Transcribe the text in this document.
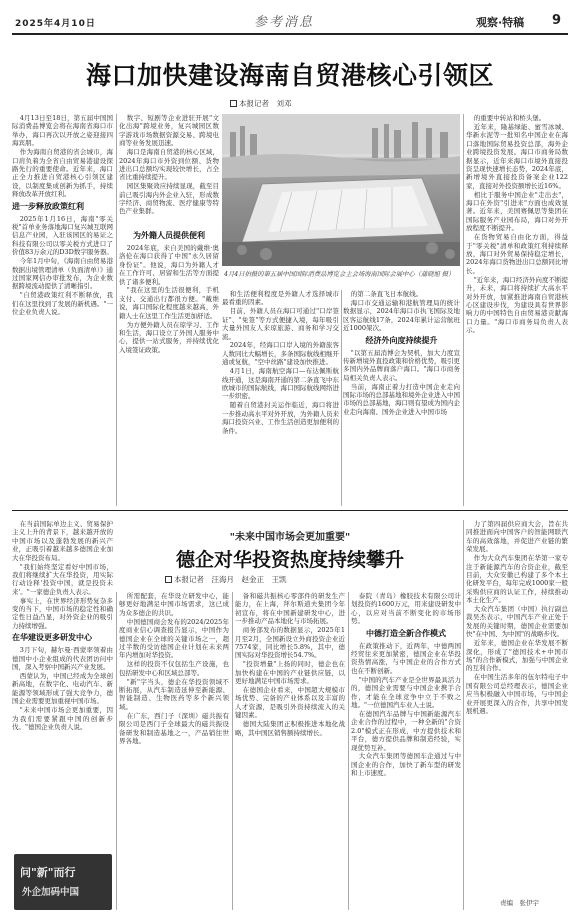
2025年4月10日	参考消息	观察·特稿 9
海口加快建设海南自贸港核心引领区
本报记者　刘邓

4月13日至18日，第五届中国国际消费品博览会将在海南省海口市举办，海口再次以开放之姿迎接四海宾朋。

作为海南自贸港的省会城市，海口肩负着为全省自由贸易港建设探路先行的重要使命。近年来，海口正全力推进自贸港核心引领区建设，以制度集成创新为抓手，持续释放改革开放红利。

进一步释放政策红利

2025年1月16日，海南"零关税"首单业务落地海口复兴城互联网信息产业园，入驻该园区的易证之科技有限公司以零关税方式进口了价值83万余元的D3D数字服务器。

今年1月中旬，《海南自由贸易港数据出境管理清单（负面清单）》通过国家网信办审批发布，为企业数据跨境流动提供了清晰指引。

"自贸港政策红利不断释放，我们在这里找到了发展的新机遇。"一位企业负责人说。

数字、短剧等企业进驻开展"文化出海"跨境业务，复兴城园区数字游戏市场数据资源交易、跨境电商等业务发展迅速。

海口是海南自贸港的核心区域，2024年海口市外资到位额、货物进出口总额均实现较快增长，占全省比重持续提升。

园区集聚效应持续显现，截至目前已吸引海内外企业入驻，形成数字经济、商贸物流、医疗健康等特色产业集群。

为外籍人员提供便利

2024年底，来自美国的戴维·奥洛伦在海口获得了中国"永久居留身份证"。他说，海口为外籍人才在工作许可、居留和生活等方面提供了诸多便利。

"我在这里的生活很便利，手机支付、交通出行都很方便。"戴维说，海口国际化程度越来越高，外籍人士在这里工作生活更加舒适。

为方便外籍人员在琼学习、工作和生活，海口设立了外国人服务中心，提供一站式服务，并持续优化入境签证政策。

4月4日拍摄的第五届中国国际消费品博览会主会场海南国际会展中心（蒲晓旭 摄）

和生活便利程度是外籍人才选择城市最看重的因素。

目前，外籍人员在海口可通过"口岸签证"、"免签"等方式便捷入境，每年吸引大量外国友人来琼旅游、商务和学习交流。

2024年，经海口口岸入境的外籍旅客人数同比大幅增长，多条国际航线相继开通或复航，"空中丝路"建设加快推进。

4月1日，海南航空海口—布达佩斯航线开通，这是海南开通的第二条直飞中东欧城市的国际航线，海口国际航线网络进一步织密。

随着自贸港封关运作临近，海口将进一步推动高水平对外开放，为外籍人员来海口投资兴业、工作生活创造更加便利的条件。

的第二条直飞日本航线。

海口市交通运输和港航管理局的统计数据显示，2024年海口市执飞国际及地区客运航线17条，2024年累计运营航班近1000架次。

经济外向度持续提升

"以第五届消博会为契机，加大力度宣传新增境外直投政策和价格优势，吸引更多国内外品牌商落户海口。"海口市商务局相关负责人表示。

当前，海南正着力打造中国企业走向国际市场的总部基地和境外企业进入中国市场的总部基地，海口则有望成为国内企业走向海南、国外企业进入中国市场

的重要中转站和桥头堡。

近年来，隆基绿能、蜜雪冰城、华新水泥等一批知名中国企业在海口落地国际贸易投资总部，海外企业跨境投资发展。海口市商务局数据显示，近年来海口市境外直接投资呈现快速增长态势，2024年底，新增境外直接投资备案企业122家，直接对外投资额增长近16%。

相比于服务中国企业"走出去"，海口在外资"引进来"方面也成效显著。近年来，美国赛佩思等集团在国际服务产业园布局，海口对外开放程度不断提升。

在货物贸易自由化方面，得益于"零关税"清单和政策红利持续释放，海口对外贸易保持稳定增长，2024年海口货物进出口总额同比增长。

"近年来，海口经济外向度不断提升，未来，海口将持续扩大高水平对外开放，加紧推进海南自贸港核心区建设步伐，为建设具有世界影响力的中国特色自由贸易港贡献海口力量。"海口市商务局负责人表示。

"未来中国市场会更加重要"
德企对华投资热度持续攀升
本报记者　汪海月　赵金正　王凯

在当前国际单边主义、贸易保护主义上升的背景下，越来越开放的中国市场以及蓬勃发展的新兴产业，正吸引着越来越多德国企业加大在华投资布局。

"我们始终坚定看好中国市场，我们将继续扩大在华投资，用实际行动诠释'投资中国，就是投资未来'。"一家德企负责人表示。

事实上，在世界经济形势复杂多变的当下，中国市场的稳定性和确定性日益凸显，对外资企业的吸引力持续增强。

在华建设更多研发中心

3月下旬，赫尔曼·西蒙率领着由德国中小企业组成的代表团访问中国，深入考察中国新兴产业发展。

西蒙认为，中国已经成为全球创新高地，在数字化、电动汽车、新能源等领域形成了强大竞争力，德国企业需要更加重视中国市场。

"未来中国市场会更加重要，因为我们需要紧跟中国的创新步伐。"德国企业负责人说。

所需配套，在华设立研发中心，能够更好地满足中国市场需求，这已成为众多德企的共识。

中国德国商会发布的2024/2025年度商业信心调查报告显示，中国作为德国企业在全球的关键市场之一，超过半数的受访德国企业计划在未来两年内增加对华投资。

这样的投资不仅包括生产设施，也包括研发中心和区域总部等。

"新"字当头，德企在华投资领域不断拓展，从汽车制造延伸至新能源、智能制造、生物医药等多个新兴领域。

在广东，西门子（深圳）磁共振有限公司是西门子全球最大的磁共振设备研发和制造基地之一，产品销往世界各地。

备和磁共振核心零部件的研发生产能力，在上海，拜尔斯道夫集团今年初宣布，将在中国新建研发中心，进一步推动产品本地化与市场拓展。

商务部发布的数据显示，2025年1月至2月，全国新设立外商投资企业近7574家，同比增长5.8%，其中，德国实际对华投资增长54.7%。

"投资增量"上扬的同时，德企也在加快构建在中国的产业链供应链，以更好地满足中国市场需求。

在德国企业看来，中国超大规模市场优势、完备的产业体系以及丰富的人才资源，是吸引外资持续流入的关键因素。

德国大陆集团正积极推进本地化战略，其中国区销售额持续增长。

泰院（青岛）橡胶技术有限公司计划投资约1600万元，用来建设研发中心，以应对当前不断变化的市场形势。

中德打造全新合作模式

在政策推动下，近两年，中德两国经贸往来更加紧密，德国企业在华投资热情高涨，与中国企业的合作方式也在不断创新。

"中国的汽车产业是全世界最具活力的，德国企业需要与中国企业携手合作，才能在全球竞争中立于不败之地。"一位德国汽车业人士说。

在德国汽车品牌与中国新能源汽车企业合作的过程中，一种全新的"合资2.0"模式正在形成，中方提供技术和平台，德方提供品牌和制造经验，实现优势互补。

大众汽车集团等德国车企通过与中国企业的合作，加快了新车型的研发和上市速度。

力了第四届供应商大会，旨在共同推进面向中国客户的智能网联汽车的高效落地，并促进产业链的繁荣发展。

作为大众汽车集团在华第一家专注于新能源汽车的合资企业，截至目前，大众安徽已构建了多个本土化研发平台，每年完成1000家一般采购供应商的认证工作，持续推动本土化生产。

大众汽车集团（中国）执行副总裁吴杰表示，中国汽车产业正处于发展的关键时期，德国企业需要加快"在中国、为中国"的战略步伐。

近年来，德国企业在华发展不断深化，形成了"德国技术+中国市场"的合作新模式，加强与中国企业的互利合作。

在中国生活多年的伍尔特电子中国有限公司总经理表示，德国企业应当积极融入中国市场，与中国企业开展更深入的合作，共享中国发展机遇。

责编　张伊宇
问"新"而行
外企加码中国
